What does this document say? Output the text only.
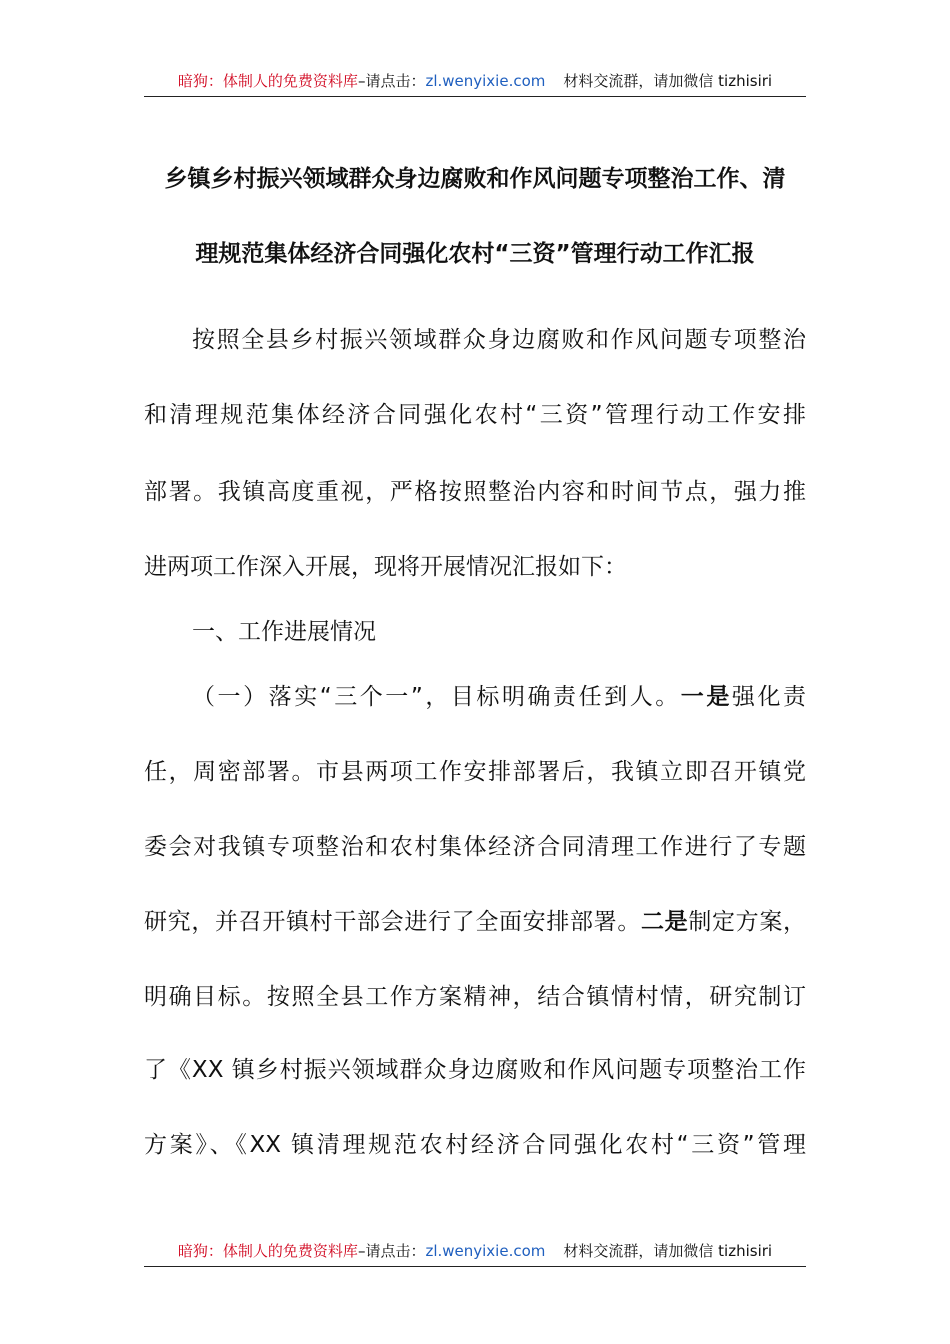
暗狗：体制人的免费资料库 –请点击： zl.wenyixie.com 材料交流群，请加微信 tizhisiri
乡镇乡村振兴领域群众身边腐败和作风问题专项整治工作、清
理规范集体经济合同强化农村“三资”管理行动工作汇报
按照全县乡村振兴领域群众身边腐败和作风问题专项整治
和清理规范集体经济合同强化农村“三资”管理行动工作安排
部署。我镇高度重视，严格按照整治内容和时间节点，强力推
进两项工作深入开展，现将开展情况汇报如下：
一、工作进展情况
（一）落实“三个一”，目标明确责任到人。一是强化责
任，周密部署。市县两项工作安排部署后，我镇立即召开镇党
委会对我镇专项整治和农村集体经济合同清理工作进行了专题
研究，并召开镇村干部会进行了全面安排部署。二是制定方案，
明确目标。按照全县工作方案精神，结合镇情村情，研究制订
了《XX 镇乡村振兴领域群众身边腐败和作风问题专项整治工作
方案》、《XX 镇清理规范农村经济合同强化农村“三资”管理
暗狗：体制人的免费资料库 –请点击： zl.wenyixie.com 材料交流群，请加微信 tizhisiri
